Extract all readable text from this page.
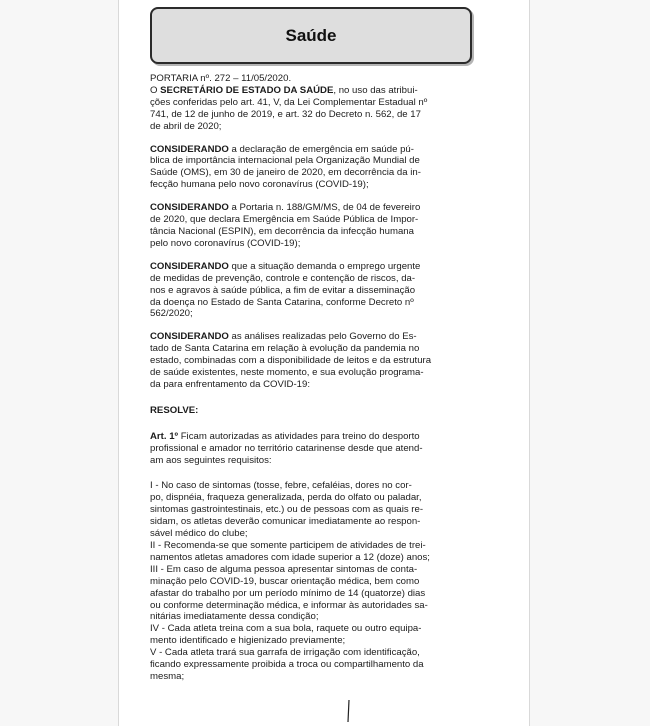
Saúde

PORTARIA nº. 272 – 11/05/2020.

O SECRETÁRIO DE ESTADO DA SAÚDE, no uso das atribui-

ções conferidas pelo art. 41, V, da Lei Complementar Estadual nº

741, de 12 de junho de 2019, e art. 32 do Decreto n. 562, de 17

de abril de 2020;

CONSIDERANDO a declaração de emergência em saúde pú-

blica de importância internacional pela Organização Mundial de

Saúde (OMS), em 30 de janeiro de 2020, em decorrência da in-

fecção humana pelo novo coronavírus (COVID-19);

CONSIDERANDO a Portaria n. 188/GM/MS, de 04 de fevereiro

de 2020, que declara Emergência em Saúde Pública de Impor-

tância Nacional (ESPIN), em decorrência da infecção humana

pelo novo coronavírus (COVID-19);

CONSIDERANDO que a situação demanda o emprego urgente

de medidas de prevenção, controle e contenção de riscos, da-

nos e agravos à saúde pública, a fim de evitar a disseminação

da doença no Estado de Santa Catarina, conforme Decreto nº

562/2020;

CONSIDERANDO as análises realizadas pelo Governo do Es-

tado de Santa Catarina em relação à evolução da pandemia no

estado, combinadas com a disponibilidade de leitos e da estrutura

de saúde existentes, neste momento, e sua evolução programa-

da para enfrentamento da COVID-19:

RESOLVE:

Art. 1º Ficam autorizadas as atividades para treino do desporto

profissional e amador no território catarinense desde que atend-

am aos seguintes requisitos:

I - No caso de sintomas (tosse, febre, cefaléias, dores no cor-

po, dispnéia, fraqueza generalizada, perda do olfato ou paladar,

sintomas gastrointestinais, etc.) ou de pessoas com as quais re-

sidam, os atletas deverão comunicar imediatamente ao respon-

sável médico do clube;

II - Recomenda-se que somente participem de atividades de trei-

namentos atletas amadores com idade superior a 12 (doze) anos;

III - Em caso de alguma pessoa apresentar sintomas de conta-

minação pelo COVID-19, buscar orientação médica, bem como

afastar do trabalho por um período mínimo de 14 (quatorze) dias

ou conforme determinação médica, e informar às autoridades sa-

nitárias imediatamente dessa condição;

IV - Cada atleta treina com a sua bola, raquete ou outro equipa-

mento identificado e higienizado previamente;

V - Cada atleta trará sua garrafa de irrigação com identificação,

ficando expressamente proibida a troca ou compartilhamento da

mesma;
